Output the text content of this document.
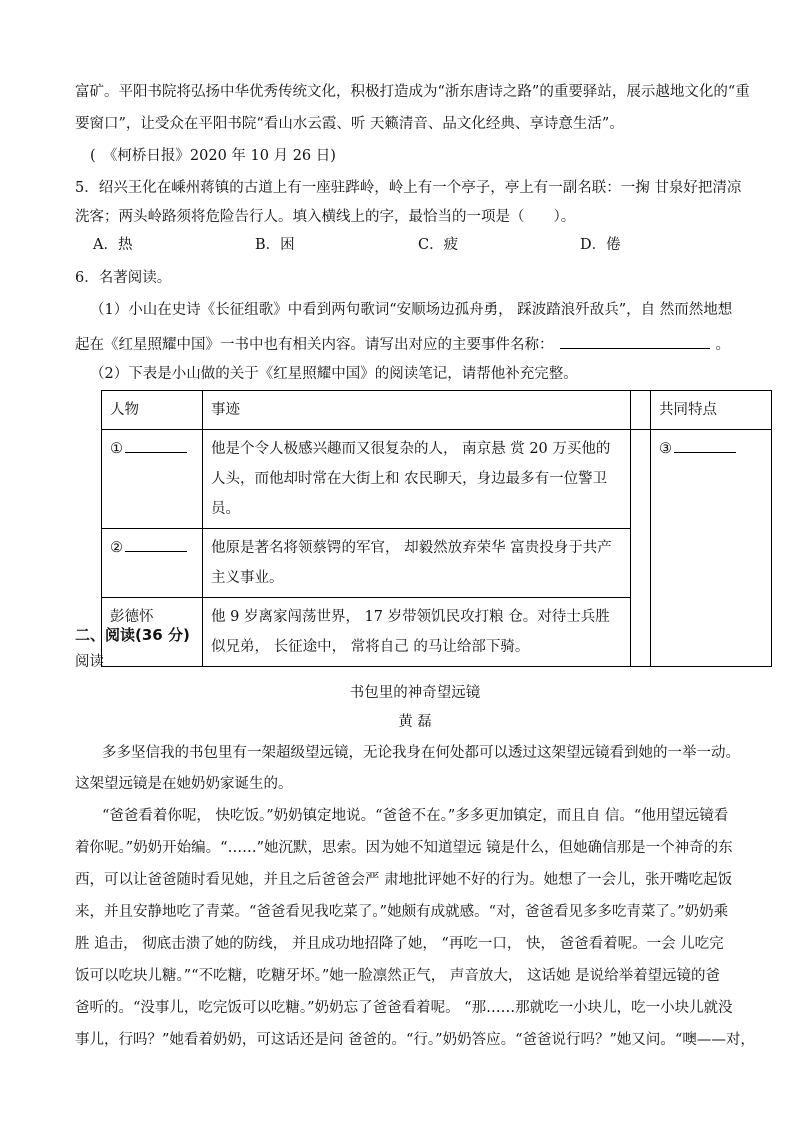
富矿。平阳书院将弘扬中华优秀传统文化，积极打造成为“浙东唐诗之路”的重要驿站，展示越地文化的“重
要窗口”，让受众在平阳书院“看山水云霞、听 天籁清音、品文化经典、享诗意生活”。
(　《柯桥日报》2020 年 10 月 26 日)
5．绍兴王化在嵊州蒋镇的古道上有一座驻跸岭，岭上有一个亭子，亭上有一副名联：一掬 甘泉好把清凉
洗客；两头岭路须将危险告行人。填入横线上的字，最恰当的一项是（　　）。
A．热	B．困	C．疲	D．倦
6．名著阅读。
（1）小山在史诗《长征组歌》中看到两句歌词“安顺场边孤舟勇， 踩波踏浪歼敌兵”，自 然而然地想
起在《红星照耀中国》一书中也有相关内容。请写出对应的主要事件名称：	。
（2）下表是小山做的关于《红星照耀中国》的阅读笔记，请帮他补充完整。
人物	事迹		共同特点
①	他是个令人极感兴趣而又很复杂的人， 南京悬 赏 20 万买他的人头，而他却时常在大街上和 农民聊天，身边最多有一位警卫员。		③
②	他原是著名将领蔡锷的军官， 却毅然放弃荣华 富贵投身于共产主义事业。		
彭德怀	他 9 岁离家闯荡世界， 17 岁带领饥民攻打粮 仓。对待士兵胜似兄弟， 长征途中， 常将自己 的马让给部下骑。		
二、阅读(36 分)
阅读
书包里的神奇望远镜
黄 磊
多多坚信我的书包里有一架超级望远镜，无论我身在何处都可以透过这架望远镜看到她的一举一动。
这架望远镜是在她奶奶家诞生的。
“爸爸看着你呢， 快吃饭。”奶奶镇定地说。“爸爸不在。”多多更加镇定，而且自 信。“他用望远镜看
着你呢。”奶奶开始编。“……”她沉默，思索。因为她不知道望远 镜是什么，但她确信那是一个神奇的东
西，可以让爸爸随时看见她，并且之后爸爸会严 肃地批评她不好的行为。她想了一会儿，张开嘴吃起饭
来，并且安静地吃了青菜。“爸爸看见我吃菜了。”她颇有成就感。“对，爸爸看见多多吃青菜了。”奶奶乘
胜 追击， 彻底击溃了她的防线， 并且成功地招降了她， “再吃一口， 快， 爸爸看着呢。一会 儿吃完
饭可以吃块儿糖。”“不吃糖，吃糖牙坏。”她一脸凛然正气， 声音放大， 这话她 是说给举着望远镜的爸
爸听的。“没事儿，吃完饭可以吃糖。”奶奶忘了爸爸看着呢。 “那……那就吃一小块儿，吃一小块儿就没
事儿，行吗？”她看着奶奶，可这话还是问 爸爸的。“行。”奶奶答应。“爸爸说行吗？”她又问。“噢——对，
